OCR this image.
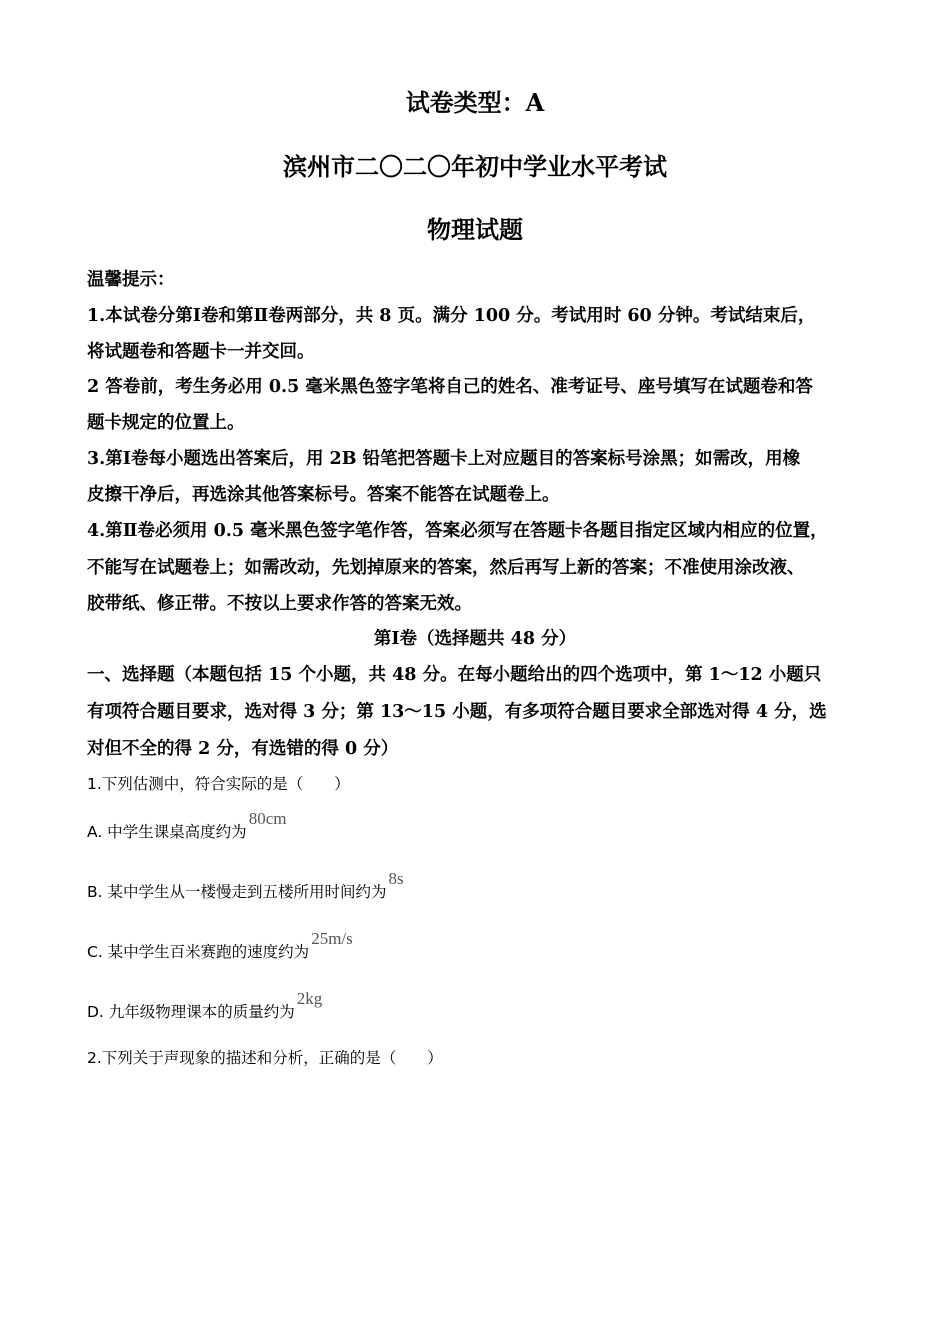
试卷类型：A
滨州市二〇二〇年初中学业水平考试
物理试题
温馨提示：
1.本试卷分第Ⅰ卷和第Ⅱ卷两部分，共 8 页。满分 100 分。考试用时 60 分钟。考试结束后，
将试题卷和答题卡一并交回。
2 答卷前，考生务必用 0.5 毫米黑色签字笔将自己的姓名、准考证号、座号填写在试题卷和答
题卡规定的位置上。
3.第Ⅰ卷每小题选出答案后，用 2B 铅笔把答题卡上对应题目的答案标号涂黑；如需改，用橡
皮擦干净后，再选涂其他答案标号。答案不能答在试题卷上。
4.第Ⅱ卷必须用 0.5 毫米黑色签字笔作答，答案必须写在答题卡各题目指定区域内相应的位置，
不能写在试题卷上；如需改动，先划掉原来的答案，然后再写上新的答案；不准使用涂改液、
胶带纸、修正带。不按以上要求作答的答案无效。
第Ⅰ卷（选择题共 48 分）
一、选择题（本题包括 15 个小题，共 48 分。在每小题给出的四个选项中，第 1～12 小题只
有项符合题目要求，选对得 3 分；第 13～15 小题，有多项符合题目要求全部选对得 4 分，选
对但不全的得 2 分，有选错的得 0 分）
1.下列估测中，符合实际的是（　　）
A. 中学生课桌高度约为80cm
B. 某中学生从一楼慢走到五楼所用时间约为8s
C. 某中学生百米赛跑的速度约为25m/s
D. 九年级物理课本的质量约为2kg
2.下列关于声现象的描述和分析，正确的是（　　）
